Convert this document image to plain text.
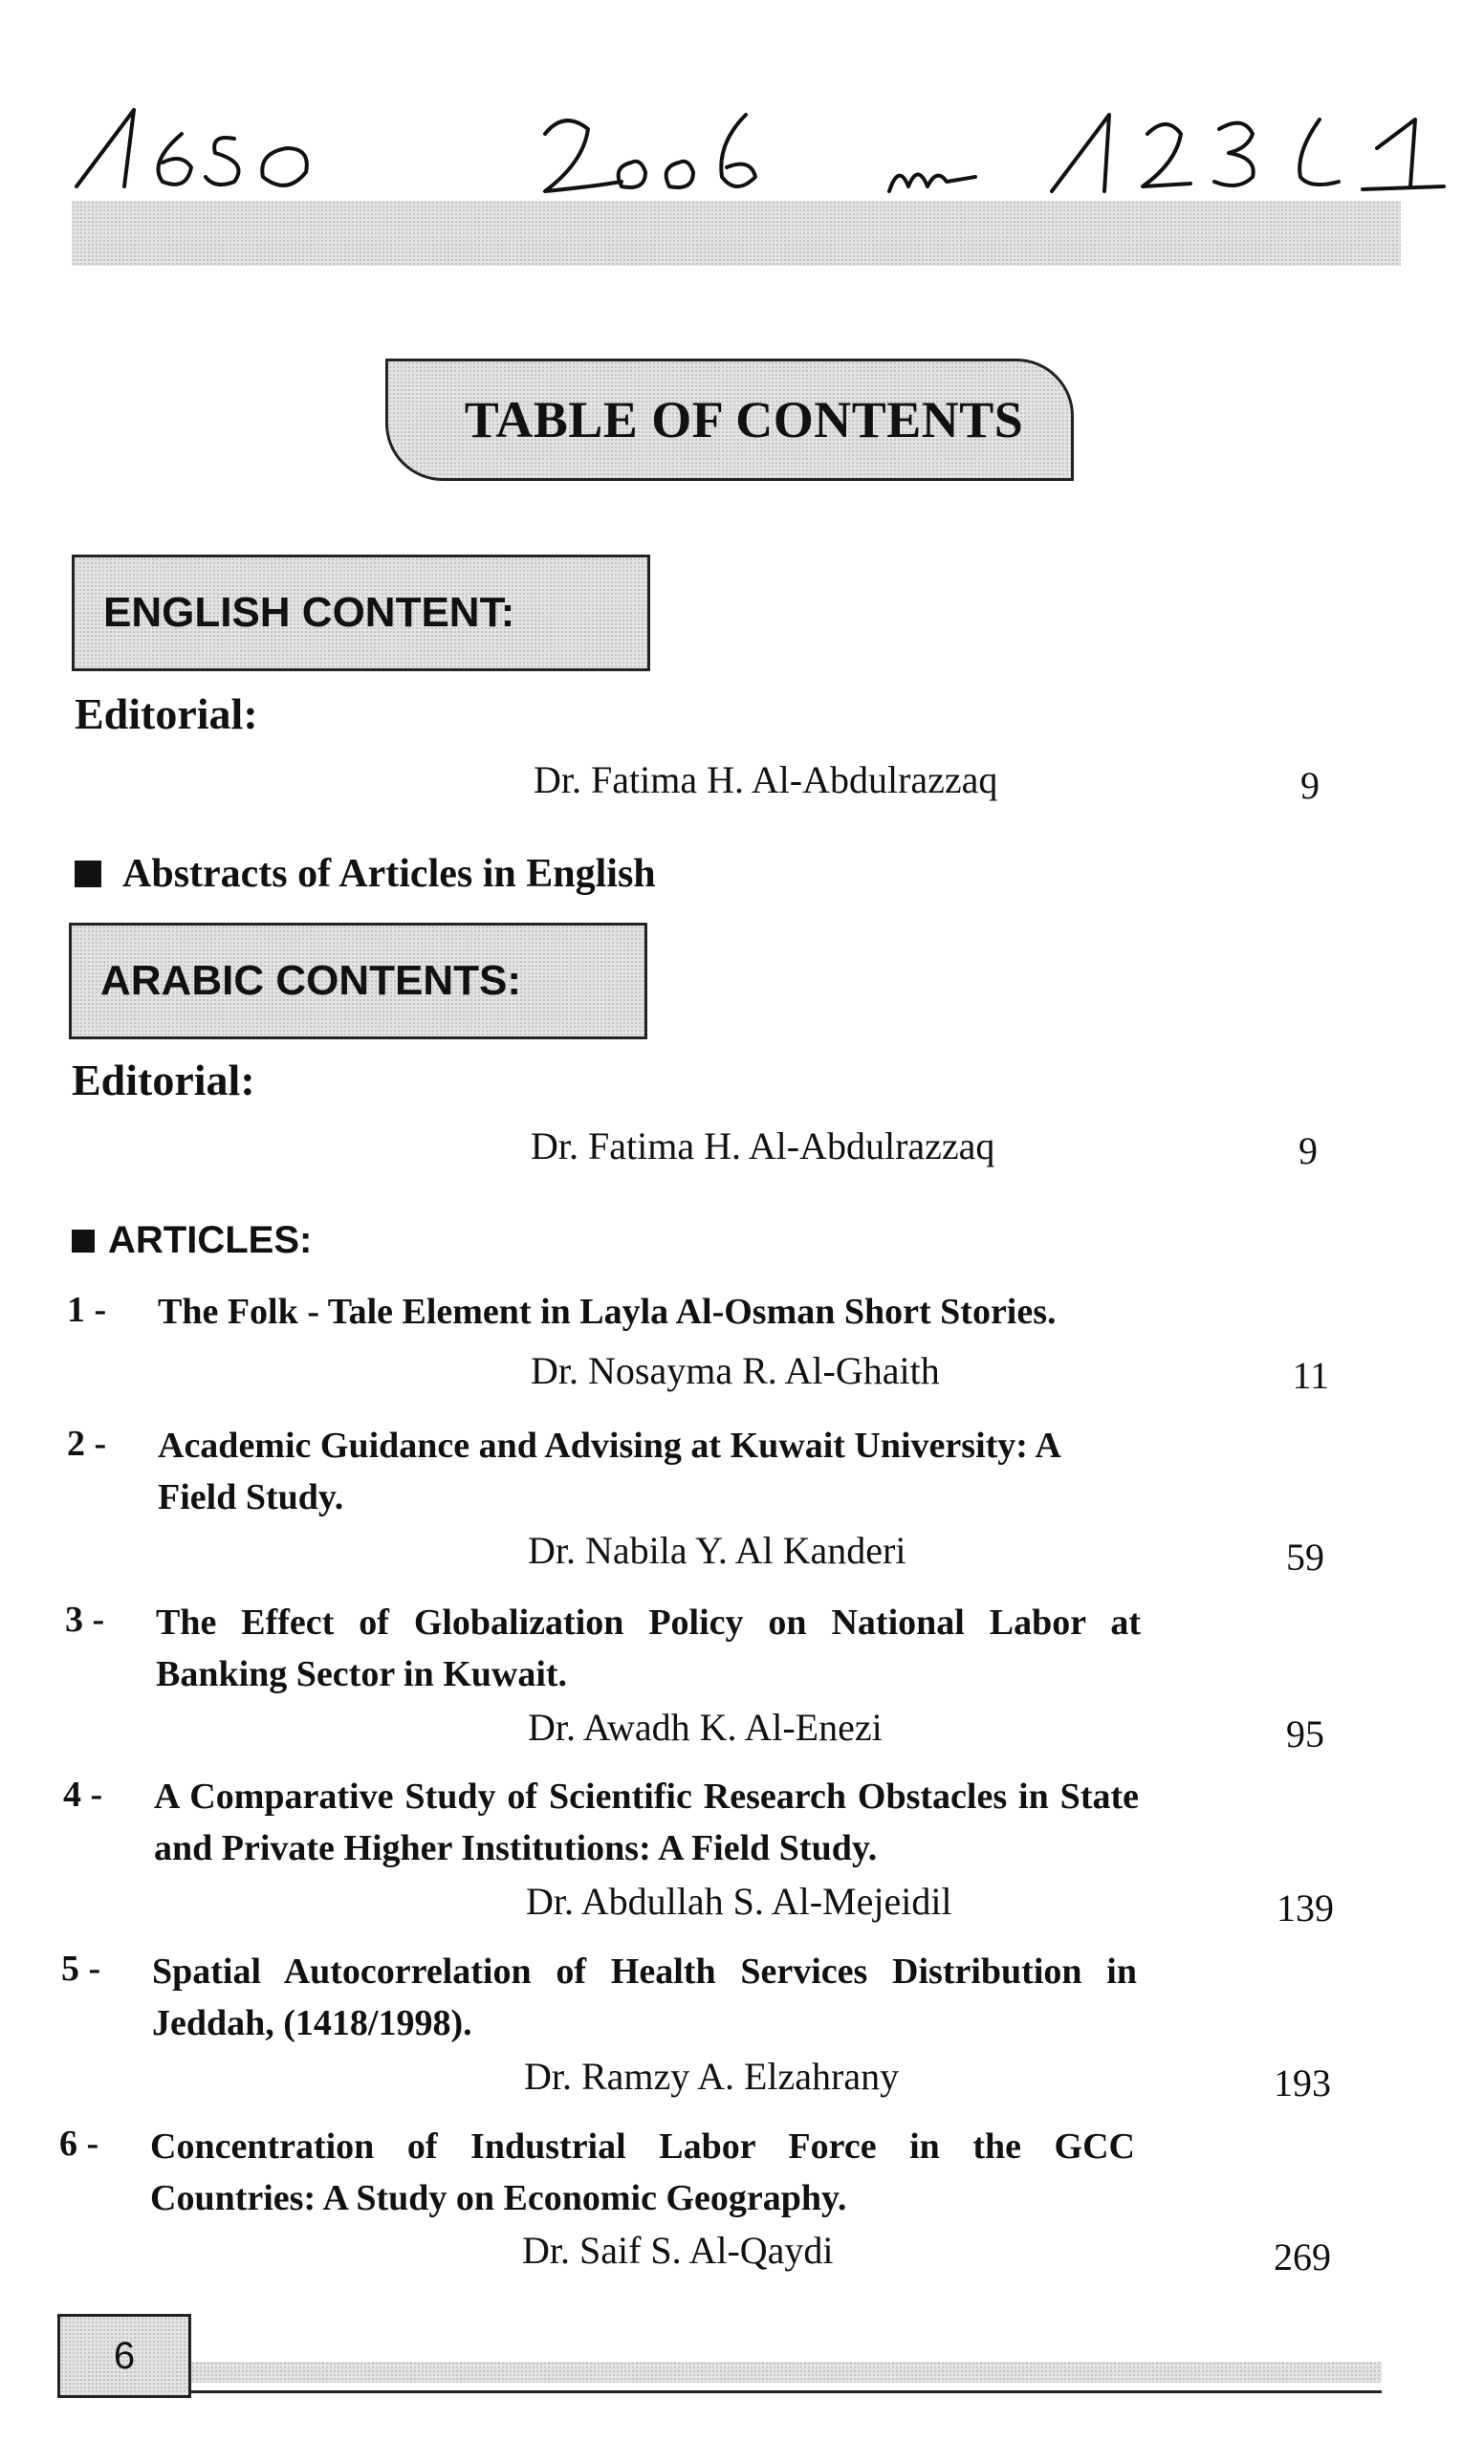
TABLE OF CONTENTS
ENGLISH CONTENT:
Editorial:
Dr. Fatima H. Al-Abdulrazzaq	9
Abstracts of Articles in English
ARABIC CONTENTS:
Editorial:
Dr. Fatima H. Al-Abdulrazzaq	9
ARTICLES:
1 -	The Folk - Tale Element in Layla Al-Osman Short Stories.
Dr. Nosayma R. Al-Ghaith	11
2 -	Academic Guidance and Advising at Kuwait University: A Field Study.
Dr. Nabila Y. Al Kanderi	59
3 -	The Effect of Globalization Policy on National Labor at Banking Sector in Kuwait.
Dr. Awadh K. Al-Enezi	95
4 -	A Comparative Study of Scientific Research Obstacles in State and Private Higher Institutions: A Field Study.
Dr. Abdullah S. Al-Mejeidil	139
5 -	Spatial Autocorrelation of Health Services Distribution in Jeddah, (1418/1998).
Dr. Ramzy A. Elzahrany	193
6 -	Concentration of Industrial Labor Force in the GCC Countries: A Study on Economic Geography.
Dr. Saif S. Al-Qaydi	269
6
